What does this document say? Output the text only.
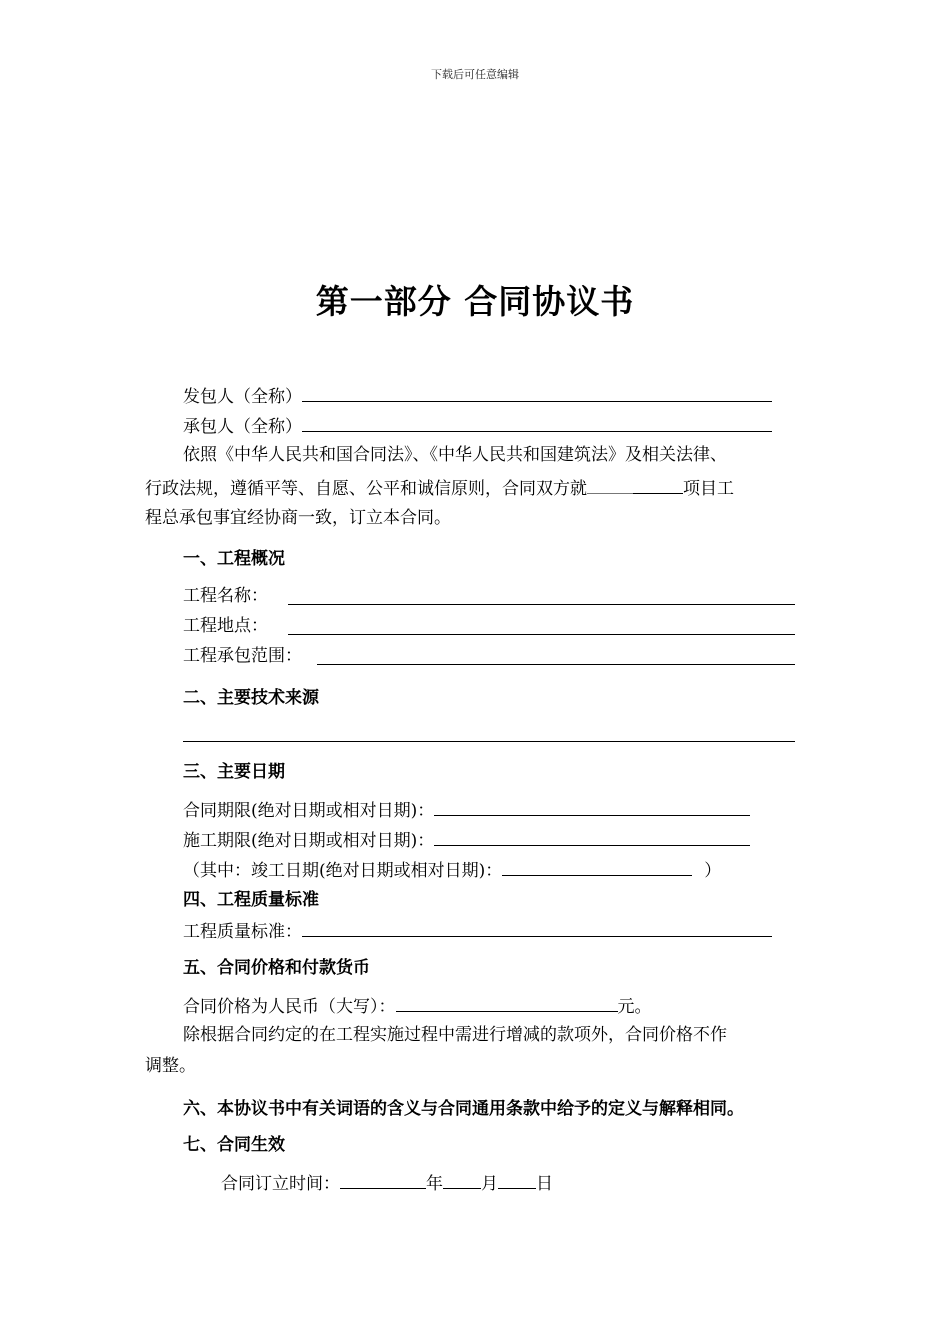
下载后可任意编辑
第一部分 合同协议书
发包人（全称）
承包人（全称）
依照《中华人民共和国合同法》、《中华人民共和国建筑法》及相关法律、
行政法规，遵循平等、自愿、公平和诚信原则，合同双方就	项目工
程总承包事宜经协商一致，订立本合同。
一、工程概况
工程名称：
工程地点：
工程承包范围：
二、主要技术来源
三、主要日期
合同期限(绝对日期或相对日期)：
施工期限(绝对日期或相对日期)：
（其中：竣工日期(绝对日期或相对日期)：	）
四、工程质量标准
工程质量标准：
五、合同价格和付款货币
合同价格为人民币（大写）：	元。
除根据合同约定的在工程实施过程中需进行增减的款项外，合同价格不作
调整。
六、本协议书中有关词语的含义与合同通用条款中给予的定义与解释相同。
七、合同生效
合同订立时间：	年 月 日
